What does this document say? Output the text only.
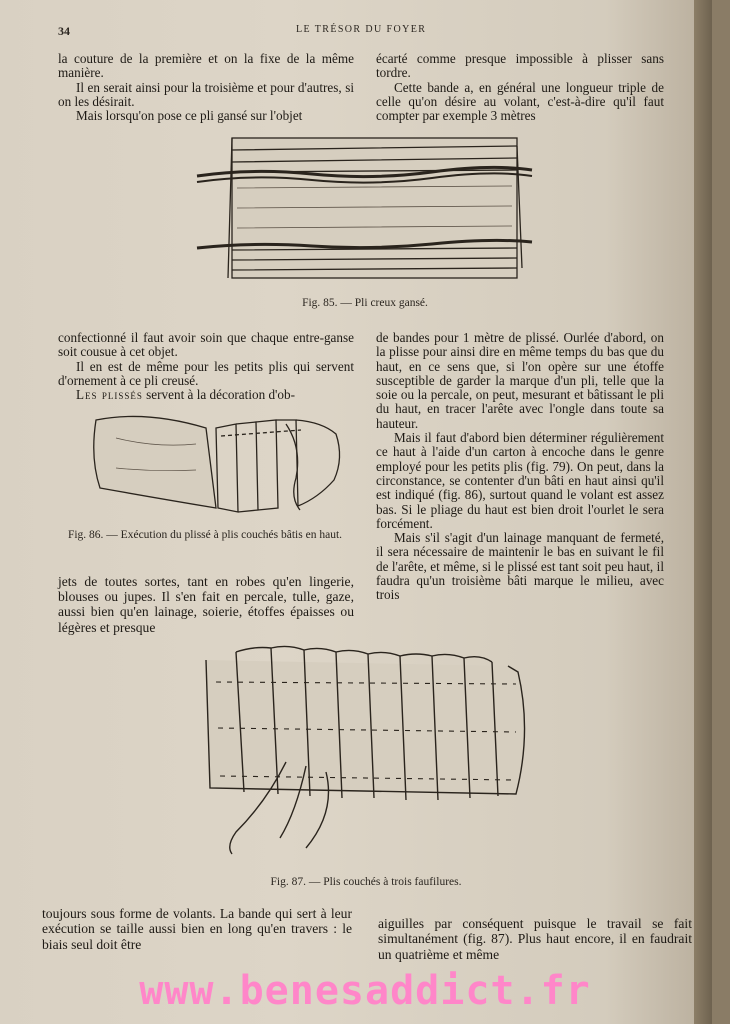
34	LE TRÉSOR DU FOYER

la couture de la première et on la fixe de la même manière.

Il en serait ainsi pour la troisième et pour d'autres, si on les désirait.

Mais lorsqu'on pose ce pli gansé sur l'objet

écarté comme presque impossible à plisser sans tordre.

Cette bande a, en général une longueur triple de celle qu'on désire au volant, c'est-à-dire qu'il faut compter par exemple 3 mètres

Fig. 85. — Pli creux gansé.

confectionné il faut avoir soin que chaque entre-ganse soit cousue à cet objet.

Il en est de même pour les petits plis qui servent d'ornement à ce pli creusé.

Les plissés servent à la décoration d'ob-

Fig. 86. — Exécution du plissé à plis couchés bâtis en haut.
jets de toutes sortes, tant en robes qu'en lingerie, blouses ou jupes. Il s'en fait en percale, tulle, gaze, aussi bien qu'en lainage, soierie, étoffes épaisses ou légères et presque

de bandes pour 1 mètre de plissé. Ourlée d'abord, on la plisse pour ainsi dire en même temps du bas que du haut, en ce sens que, si l'on opère sur une étoffe susceptible de garder la marque d'un pli, telle que la soie ou la percale, on peut, mesurant et bâtissant le pli du haut, en tracer l'arête avec l'ongle dans toute sa hauteur.

Mais il faut d'abord bien déterminer régulièrement ce haut à l'aide d'un carton à encoche dans le genre employé pour les petits plis (fig. 79). On peut, dans la circonstance, se contenter d'un bâti en haut ainsi qu'il est indiqué (fig. 86), surtout quand le volant est assez bas. Si le pliage du haut est bien droit l'ourlet le sera forcément.

Mais s'il s'agit d'un lainage manquant de fermeté, il sera nécessaire de maintenir le bas en suivant le fil de l'arête, et même, si le plissé est tant soit peu haut, il faudra qu'un troisième bâti marque le milieu, avec trois

Fig. 87. — Plis couchés à trois faufilures.
toujours sous forme de volants. La bande qui sert à leur exécution se taille aussi bien en long qu'en travers : le biais seul doit être
aiguilles par conséquent puisque le travail se fait simultanément (fig. 87). Plus haut encore, il en faudrait un quatrième et même
www.benesaddict.fr
